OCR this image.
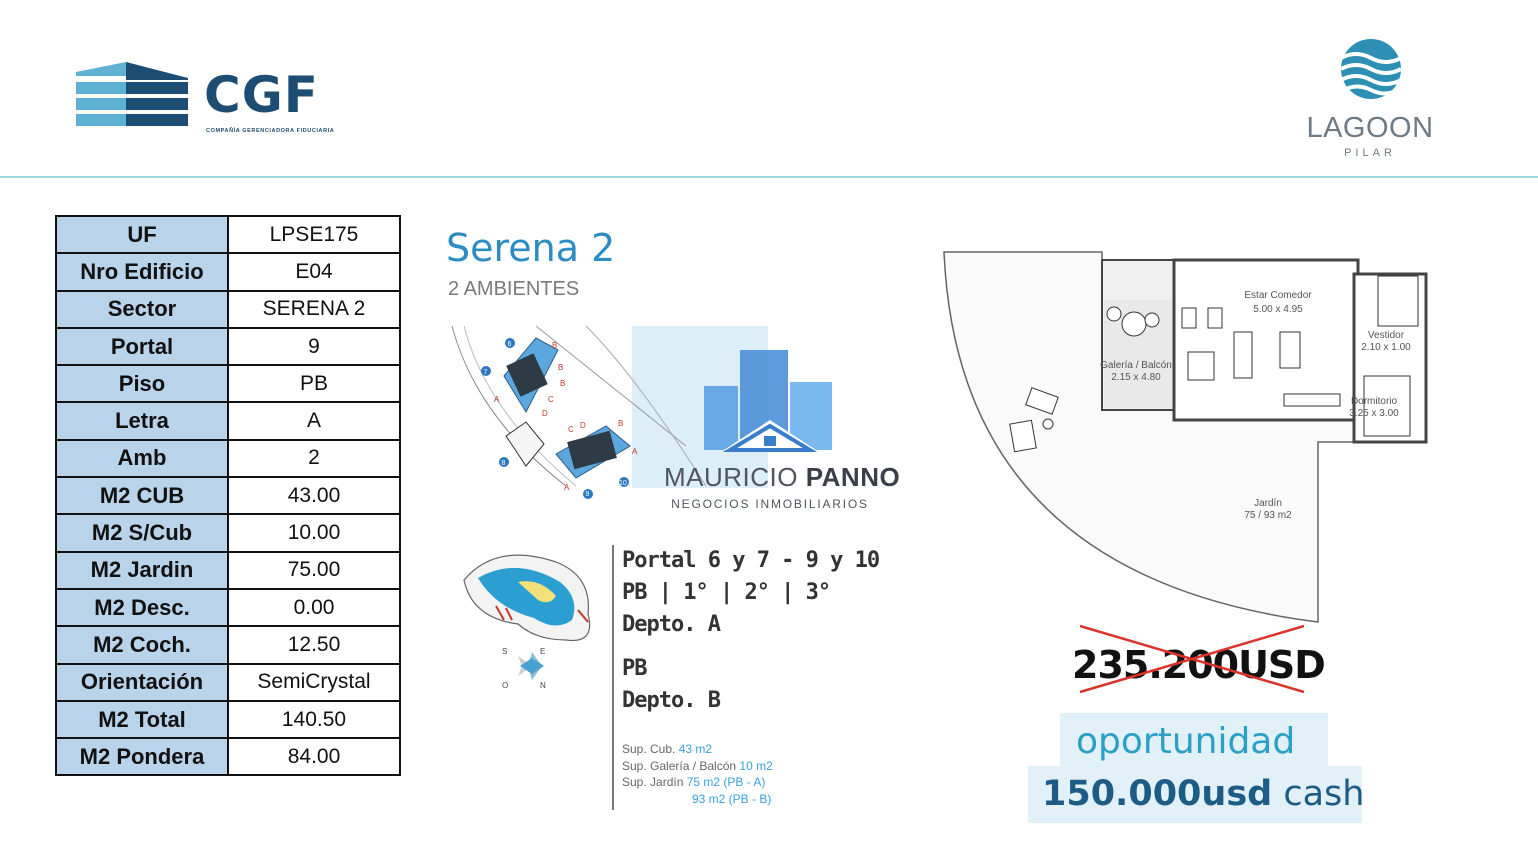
CGF
COMPAÑÍA GERENCIADORA FIDUCIARIA	LAGOON
PILAR
UF	LPSE175
Nro Edificio	E04
Sector	SERENA 2
Portal	9
Piso	PB
Letra	A
Amb	2
M2 CUB	43.00
M2 S/Cub	10.00
M2 Jardin	75.00
M2 Desc.	0.00
M2 Coch.	12.50
Orientación	SemiCrystal
M2 Total	140.50
M2 Pondera	84.00
Serena 2
2 AMBIENTES
B
B
B
C
D
A
C D	B
A
A
6
7
8
9
10
S	E
O	N
Portal 6 y 7 - 9 y 10
PB | 1° | 2° | 3°
Depto. A
PB
Depto. B
Sup. Cub. 43 m2
Sup. Galería / Balcón 10 m2
Sup. Jardín 75 m2 (PB - A)
93 m2 (PB - B)
MAURICIO PANNO
NEGOCIOS INMOBILIARIOS
Estar Comedor
5.00 x 4.95
Galería / Balcón
2.15 x 4.80
Vestidor
2.10 x 1.00
Dormitorio
3.25 x 3.00
Jardín
75 / 93 m2
235.200USD
oportunidad
150.000usd cash
